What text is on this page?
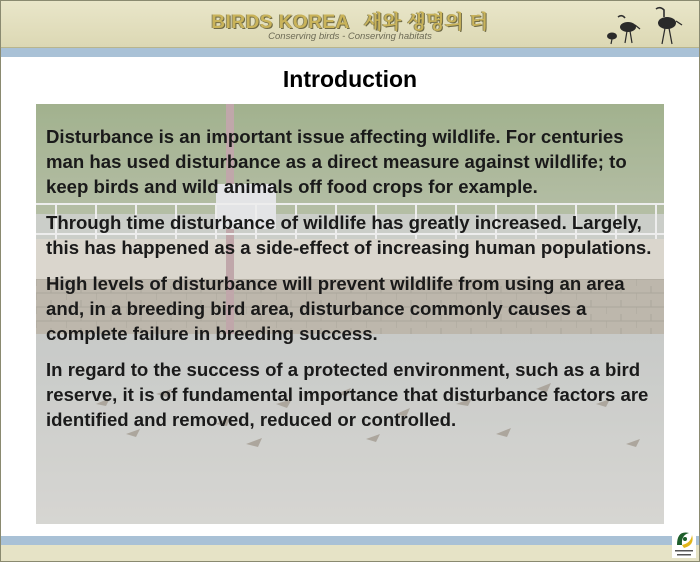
BIRDS KOREA 새와 생명의 터
Conserving birds - Conserving habitats
Introduction

Disturbance is an important issue affecting wildlife. For centuries man has used disturbance as a direct measure against wildlife; to keep birds and wild animals off food crops for example.

Through time disturbance of wildlife has greatly increased. Largely, this has happened as a side-effect of increasing human populations.

High levels of disturbance will prevent wildlife from using an area and, in a breeding bird area, disturbance commonly causes a complete failure in breeding success.

In regard to the success of a protected environment, such as a bird reserve, it is of fundamental importance that disturbance factors are identified and removed, reduced or controlled.
